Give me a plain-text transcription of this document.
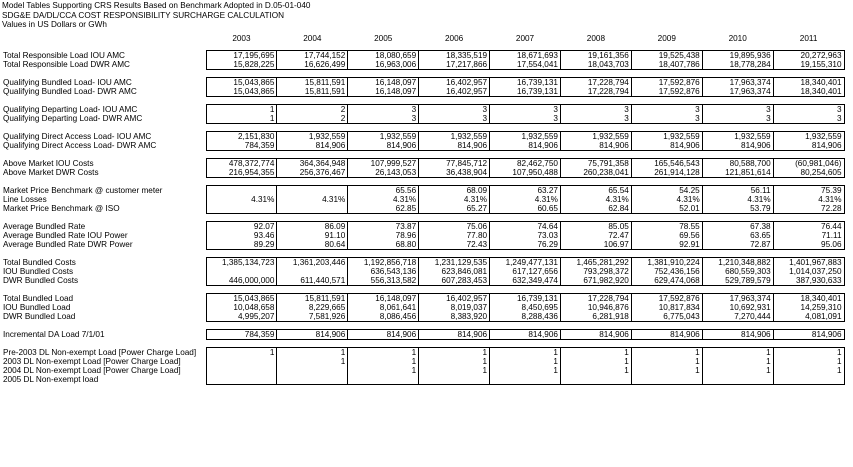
Model Tables Supporting CRS Results Based on Benchmark Adopted in D.05-01-040
SDG&E DA/DL/CCA COST RESPONSIBILITY SURCHARGE CALCULATION
Values in US Dollars or GWh
	2003	2004	2005	2006	2007	2008	2009	2010	2011

Total Responsible Load IOU AMC	17,195,695	17,744,152	18,080,659	18,335,519	18,671,693	19,161,356	19,525,438	19,895,936	20,272,963
Total Responsible Load DWR AMC	15,828,225	16,626,499	16,963,006	17,217,866	17,554,041	18,043,703	18,407,786	18,778,284	19,155,310

Qualifying Bundled Load- IOU AMC	15,043,865	15,811,591	16,148,097	16,402,957	16,739,131	17,228,794	17,592,876	17,963,374	18,340,401
Qualifying Bundled Load- DWR AMC	15,043,865	15,811,591	16,148,097	16,402,957	16,739,131	17,228,794	17,592,876	17,963,374	18,340,401

Qualifying Departing Load- IOU AMC	1	2	3	3	3	3	3	3	3
Qualifying Departing Load- DWR AMC	1	2	3	3	3	3	3	3	3

Qualifying Direct Access Load- IOU AMC	2,151,830	1,932,559	1,932,559	1,932,559	1,932,559	1,932,559	1,932,559	1,932,559	1,932,559
Qualifying Direct Access Load- DWR AMC	784,359	814,906	814,906	814,906	814,906	814,906	814,906	814,906	814,906

Above Market IOU Costs	478,372,774	364,364,948	107,999,527	77,845,712	82,462,750	75,791,358	165,546,543	80,588,700	(60,981,046)
Above Market DWR Costs	216,954,355	256,376,467	26,143,053	36,438,904	107,950,488	260,238,041	261,914,128	121,851,614	80,254,605

Market Price Benchmark @ customer meter			65.56	68.09	63.27	65.54	54.25	56.11	75.39
Line Losses	4.31%	4.31%	4.31%	4.31%	4.31%	4.31%	4.31%	4.31%	4.31%
Market Price Benchmark @ ISO			62.85	65.27	60.65	62.84	52.01	53.79	72.28

Average Bundled Rate	92.07	86.09	73.87	75.06	74.64	85.05	78.55	67.38	76.44
Average Bundled Rate IOU Power	93.46	91.10	78.96	77.80	73.03	72.47	69.56	63.65	71.11
Average Bundled Rate DWR Power	89.29	80.64	68.80	72.43	76.29	106.97	92.91	72.87	95.06

Total Bundled Costs	1,385,134,723	1,361,203,446	1,192,856,718	1,231,129,535	1,249,477,131	1,465,281,292	1,381,910,224	1,210,348,882	1,401,967,883
IOU Bundled Costs			636,543,136	623,846,081	617,127,656	793,298,372	752,436,156	680,559,303	1,014,037,250
DWR Bundled Costs	446,000,000	611,440,571	556,313,582	607,283,453	632,349,474	671,982,920	629,474,068	529,789,579	387,930,633

Total Bundled Load	15,043,865	15,811,591	16,148,097	16,402,957	16,739,131	17,228,794	17,592,876	17,963,374	18,340,401
IOU Bundled Load	10,048,658	8,229,665	8,061,641	8,019,037	8,450,695	10,946,876	10,817,834	10,692,931	14,259,310
DWR Bundled Load	4,995,207	7,581,926	8,086,456	8,383,920	8,288,436	6,281,918	6,775,043	7,270,444	4,081,091

Incremental DA Load 7/1/01	784,359	814,906	814,906	814,906	814,906	814,906	814,906	814,906	814,906

Pre-2003 DL Non-exempt Load [Power Charge Load]	1	1	1	1	1	1	1	1	1
2003 DL Non-exempt Load [Power Charge Load]		1	1	1	1	1	1	1	1
2004 DL Non-exempt Load [Power Charge Load]			1	1	1	1	1	1	1
2005 DL Non-exempt load									
